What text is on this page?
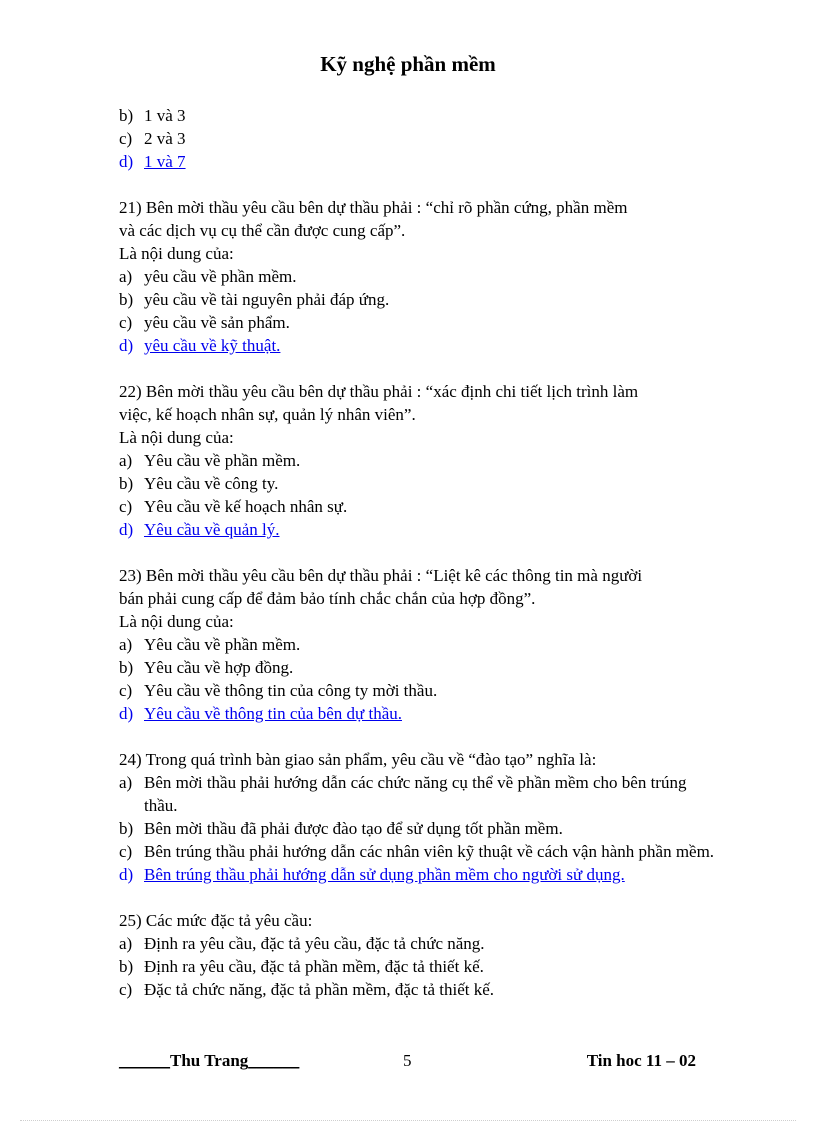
Kỹ nghệ phần mềm
b) 1 và 3
c) 2 và 3
d) 1 và 7
21) Bên mời thầu yêu cầu bên dự thầu phải : “chỉ rõ phần cứng, phần mềm
và các dịch vụ cụ thể cần được cung cấp”.
Là nội dung của:
a) yêu cầu về phần mềm.
b) yêu cầu về tài nguyên phải đáp ứng.
c) yêu cầu về sản phẩm.
d) yêu cầu về kỹ thuật.
22) Bên mời thầu yêu cầu bên dự thầu phải : “xác định chi tiết lịch trình làm
việc, kế hoạch nhân sự, quản lý nhân viên”.
Là nội dung của:
a) Yêu cầu về phần mềm.
b) Yêu cầu về công ty.
c) Yêu cầu về kế hoạch nhân sự.
d) Yêu cầu về quản lý.
23) Bên mời thầu yêu cầu bên dự thầu phải : “Liệt kê các thông tin mà người
bán phải cung cấp để đảm bảo tính chắc chắn của hợp đồng”.
Là nội dung của:
a) Yêu cầu về phần mềm.
b) Yêu cầu về hợp đồng.
c) Yêu cầu về thông tin của công ty mời thầu.
d) Yêu cầu về thông tin của bên dự thầu.
24) Trong quá trình bàn giao sản phẩm, yêu cầu về “đào tạo” nghĩa là:
a) Bên mời thầu phải hướng dẫn các chức năng cụ thể về phần mềm cho bên trúng thầu.
b) Bên mời thầu đã phải được đào tạo để sử dụng tốt phần mềm.
c) Bên trúng thầu phải hướng dẫn các nhân viên kỹ thuật về cách vận hành phần mềm.
d) Bên trúng thầu phải hướng dẫn sử dụng phần mềm cho người sử dụng.
25) Các mức đặc tả yêu cầu:
a) Định ra yêu cầu, đặc tả yêu cầu, đặc tả chức năng.
b) Định ra yêu cầu, đặc tả phần mềm, đặc tả thiết kế.
c) Đặc tả chức năng, đặc tả phần mềm, đặc tả thiết kế.
______Thu Trang______	5	Tin hoc 11 – 02
